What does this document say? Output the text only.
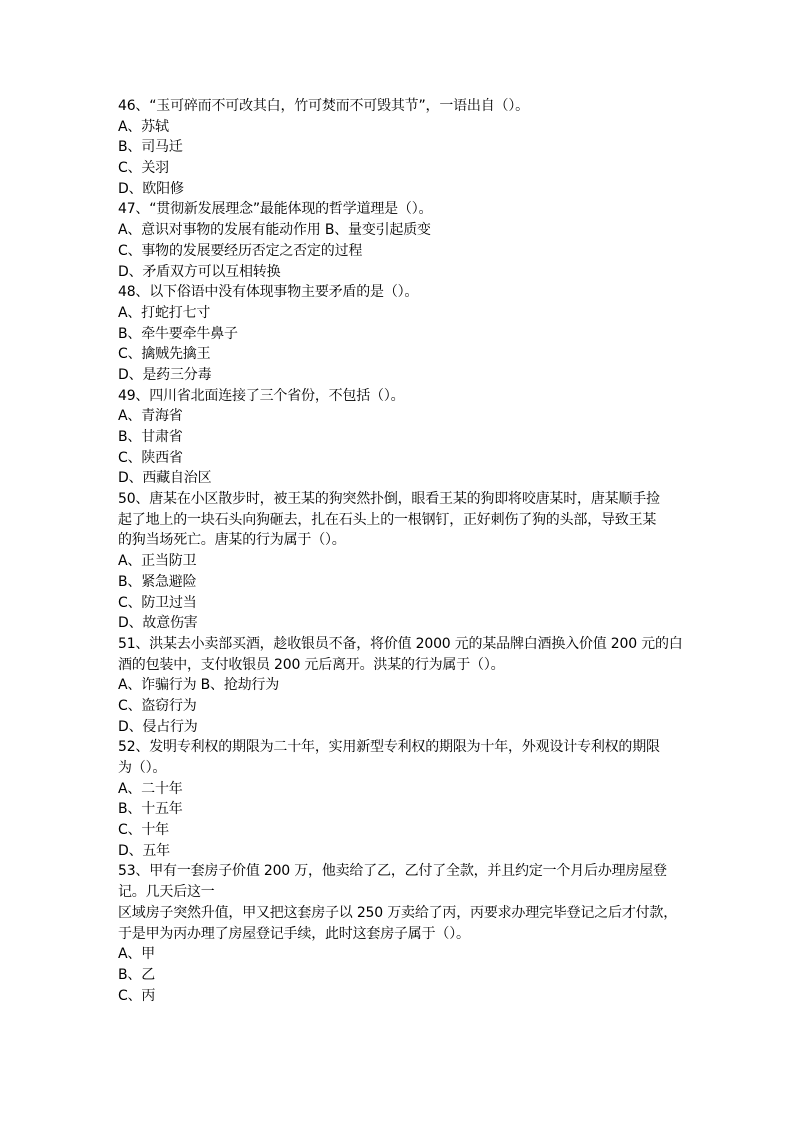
46、“玉可碎而不可改其白，竹可焚而不可毁其节”，一语出自（）。
A、苏轼
B、司马迁
C、关羽
D、欧阳修
47、“贯彻新发展理念”最能体现的哲学道理是（）。
A、意识对事物的发展有能动作用 B、量变引起质变
C、事物的发展要经历否定之否定的过程
D、矛盾双方可以互相转换
48、以下俗语中没有体现事物主要矛盾的是（）。
A、打蛇打七寸
B、牵牛要牵牛鼻子
C、擒贼先擒王
D、是药三分毒
49、四川省北面连接了三个省份，不包括（）。
A、青海省
B、甘肃省
C、陕西省
D、西藏自治区
50、唐某在小区散步时，被王某的狗突然扑倒，眼看王某的狗即将咬唐某时，唐某顺手捡
起了地上的一块石头向狗砸去，扎在石头上的一根钢钉，正好刺伤了狗的头部，导致王某
的狗当场死亡。唐某的行为属于（）。
A、正当防卫
B、紧急避险
C、防卫过当
D、故意伤害
51、洪某去小卖部买酒，趁收银员不备，将价值 2000 元的某品牌白酒换入价值 200 元的白
酒的包装中，支付收银员 200 元后离开。洪某的行为属于（）。
A、诈骗行为 B、抢劫行为
C、盗窃行为
D、侵占行为
52、发明专利权的期限为二十年，实用新型专利权的期限为十年，外观设计专利权的期限
为（）。
A、二十年
B、十五年
C、十年
D、五年
53、甲有一套房子价值 200 万，他卖给了乙，乙付了全款，并且约定一个月后办理房屋登
记。几天后这一
区域房子突然升值，甲又把这套房子以 250 万卖给了丙，丙要求办理完毕登记之后才付款，
于是甲为丙办理了房屋登记手续，此时这套房子属于（）。
A、甲
B、乙
C、丙
